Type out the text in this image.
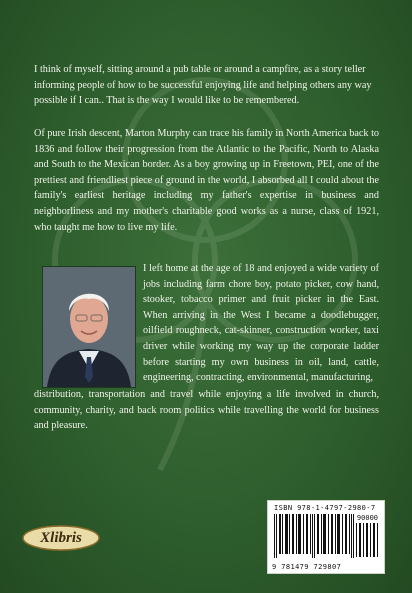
I think of myself, sitting around a pub table or around a campfire, as a story teller informing people of how to be successful enjoying life and helping others any way possible if I can.. That is the way I would like to be remembered.

Of pure Irish descent, Marton Murphy can trace his family in North America back to 1836 and follow their progression from the Atlantic to the Pacific, North to Alaska and South to the Mexican border. As a boy growing up in Freetown, PEI, one of the prettiest and friendliest piece of ground in the world, I absorbed all I could about the family's earliest heritage including my father's expertise in business and neighborliness and my mother's charitable good works as a nurse, class of 1921, who taught me how to live my life.

I left home at the age of 18 and enjoyed a wide variety of jobs including farm chore boy, potato picker, cow hand, stooker, tobacco primer and fruit picker in the East. When arriving in the West I became a doodlebugger, oilfield roughneck, cat-skinner, construction worker, taxi driver while working my way up the corporate ladder before starting my own business in oil, land, cattle, engineering, contracting, environmental, manufacturing,

distribution, transportation and travel while enjoying a life involved in church, community, charity, and back room politics while travelling the world for business and pleasure.

Xlibris
ISBN 978-1-4797-2980-7
90000
9 781479 729807
